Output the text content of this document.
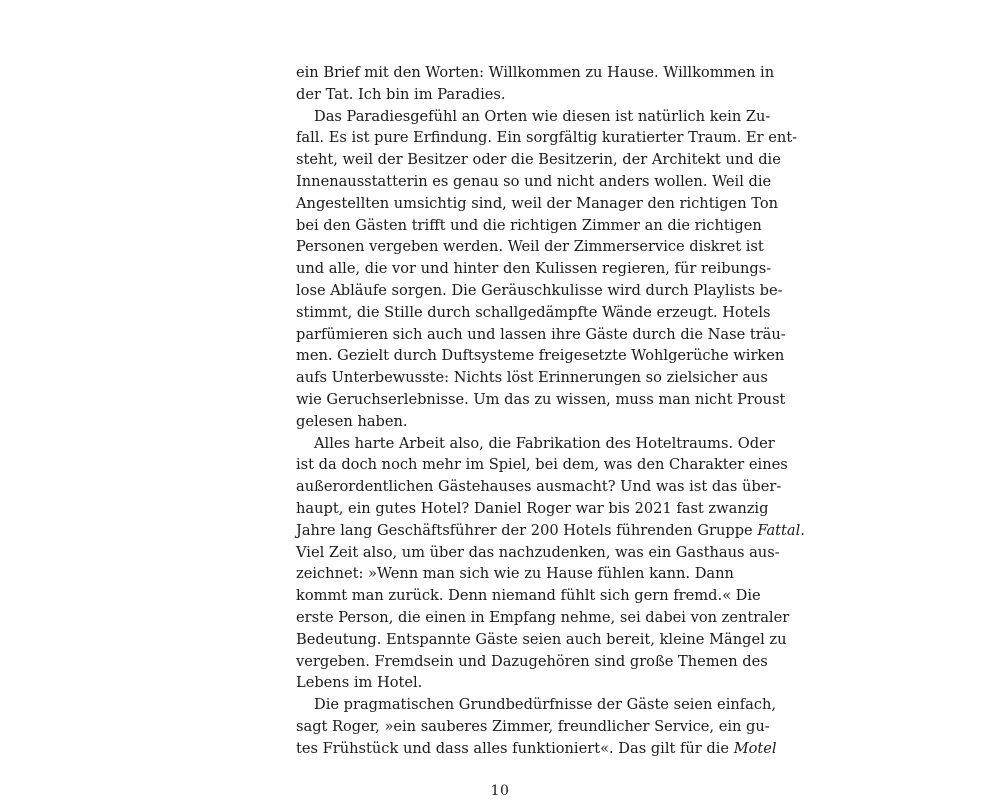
ein Brief mit den Worten: Willkommen zu Hause. Willkommen in
der Tat. Ich bin im Paradies.
Das Paradiesgefühl an Orten wie diesen ist natürlich kein Zu-
fall. Es ist pure Erfindung. Ein sorgfältig kuratierter Traum. Er ent-
steht, weil der Besitzer oder die Besitzerin, der Architekt und die
Innenausstatterin es genau so und nicht anders wollen. Weil die
Angestellten umsichtig sind, weil der Manager den richtigen Ton
bei den Gästen trifft und die richtigen Zimmer an die richtigen
Personen vergeben werden. Weil der Zimmerservice diskret ist
und alle, die vor und hinter den Kulissen regieren, für reibungs-
lose Abläufe sorgen. Die Geräuschkulisse wird durch Playlists be-
stimmt, die Stille durch schallgedämpfte Wände erzeugt. Hotels
parfümieren sich auch und lassen ihre Gäste durch die Nase träu-
men. Gezielt durch Duftsysteme freigesetzte Wohlgerüche wirken
aufs Unterbewusste: Nichts löst Erinnerungen so zielsicher aus
wie Geruchserlebnisse. Um das zu wissen, muss man nicht Proust
gelesen haben.
Alles harte Arbeit also, die Fabrikation des Hoteltraums. Oder
ist da doch noch mehr im Spiel, bei dem, was den Charakter eines
außerordentlichen Gästehauses ausmacht? Und was ist das über-
haupt, ein gutes Hotel? Daniel Roger war bis 2021 fast zwanzig
Jahre lang Geschäftsführer der 200 Hotels führenden Gruppe Fattal.
Viel Zeit also, um über das nachzudenken, was ein Gasthaus aus-
zeichnet: »Wenn man sich wie zu Hause fühlen kann. Dann
kommt man zurück. Denn niemand fühlt sich gern fremd.« Die
erste Person, die einen in Empfang nehme, sei dabei von zentraler
Bedeutung. Entspannte Gäste seien auch bereit, kleine Mängel zu
vergeben. Fremdsein und Dazugehören sind große Themen des
Lebens im Hotel.
Die pragmatischen Grundbedürfnisse der Gäste seien einfach,
sagt Roger, »ein sauberes Zimmer, freundlicher Service, ein gu-
tes Frühstück und dass alles funktioniert«. Das gilt für die Motel
10
